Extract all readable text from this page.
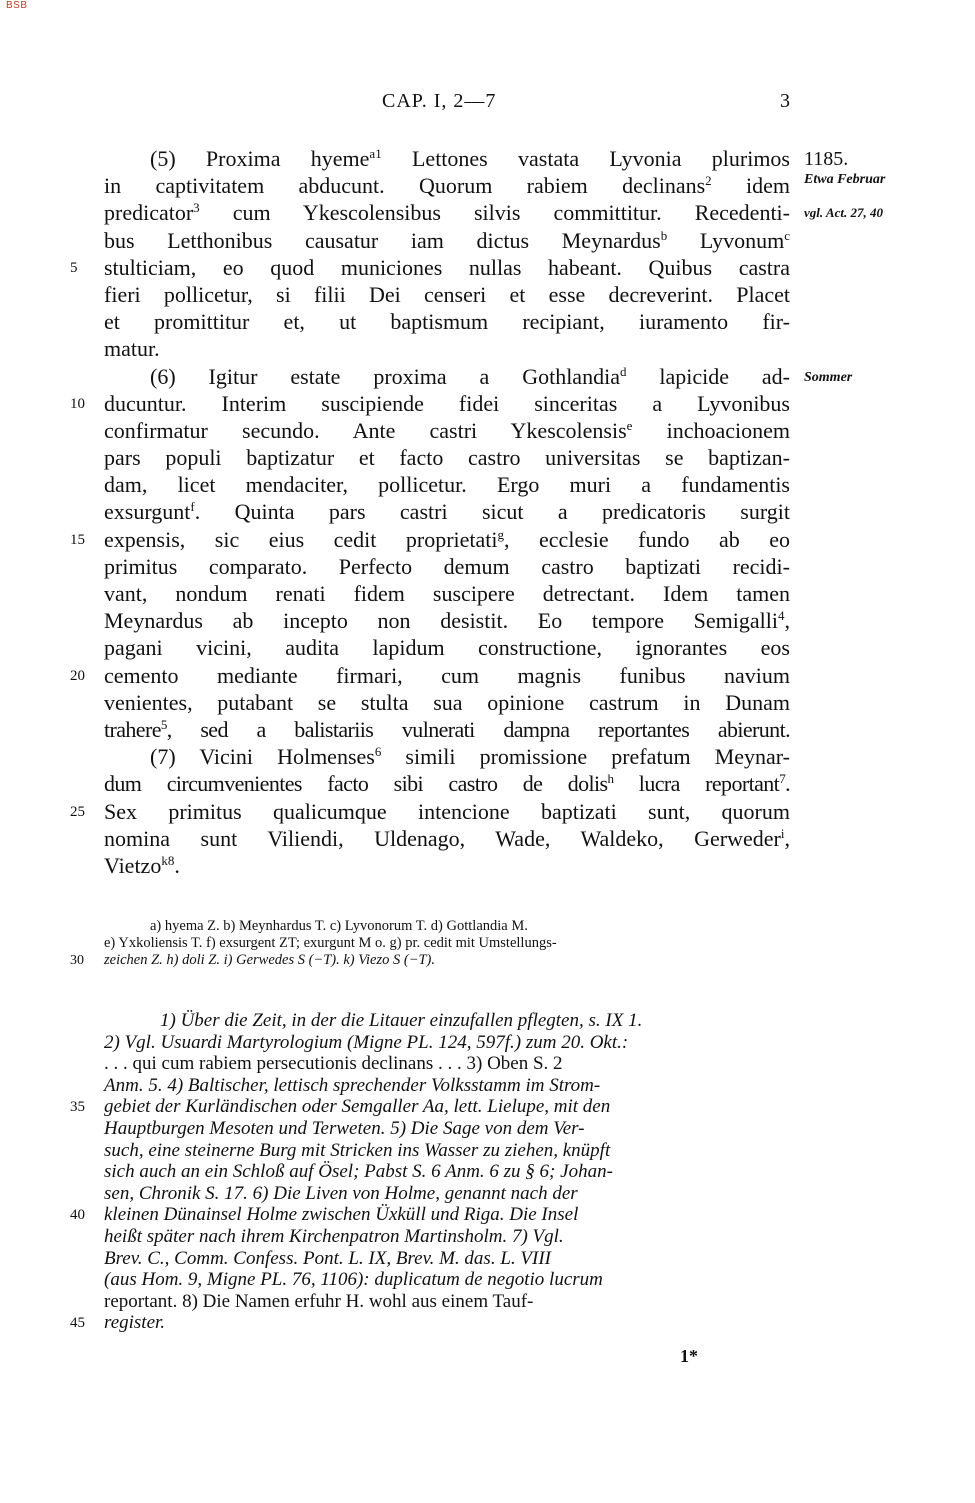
BSB
CAP. I, 2—7	3
1185.
Etwa Februar
vgl. Act. 27, 40
Sommer
(5) Proxima hyeme$^{a1}$ Lettones vastata Lyvonia plurimos
in captivitatem abducunt. Quorum rabiem declinans$^2$ idem
predicator$^3$ cum Ykescolensibus silvis committitur. Recedenti-
bus Letthonibus causatur iam dictus Meynardus$^b$ Lyvonum$^c$
5 stulticiam, eo quod municiones nullas habeant. Quibus castra
fieri pollicetur, si filii Dei censeri et esse decreverint. Placet
et promittitur et, ut baptismum recipiant, iuramento fir-
matur.
(6) Igitur estate proxima a Gothlandia$^d$ lapicide ad-
10 ducuntur. Interim suscipiende fidei sinceritas a Lyvonibus
confirmatur secundo. Ante castri Ykescolensis$^e$ inchoacionem
pars populi baptizatur et facto castro universitas se baptizan-
dam, licet mendaciter, pollicetur. Ergo muri a fundamentis
exsurgunt$^f$. Quinta pars castri sicut a predicatoris surgit
15 expensis, sic eius cedit proprietati$^g$, ecclesie fundo ab eo
primitus comparato. Perfecto demum castro baptizati recidi-
vant, nondum renati fidem suscipere detrectant. Idem tamen
Meynardus ab incepto non desistit. Eo tempore Semigalli$^4$,
pagani vicini, audita lapidum constructione, ignorantes eos
20 cemento mediante firmari, cum magnis funibus navium
venientes, putabant se stulta sua opinione castrum in Dunam
trahere$^5$, sed a balistariis vulnerati dampna reportantes abierunt.
(7) Vicini Holmenses$^6$ simili promissione prefatum Meynar-
dum circumvenientes facto sibi castro de dolis$^h$ lucra reportant$^7$.
25 Sex primitus qualicumque intencione baptizati sunt, quorum
nomina sunt Viliendi, Uldenago, Wade, Waldeko, Gerweder$^i$,
Vietzo$^{k8}$.
a) hyema Z. b) Meynhardus T. c) Lyvonorum T. d) Gottlandia M.
e) Yxkoliensis T. f) exsurgent ZT; exurgunt M o. g) pr. cedit mit Umstellungs-
30 zeichen Z. h) doli Z. i) Gerwedes S (−T). k) Viezo S (−T).
1) Über die Zeit, in der die Litauer einzufallen pflegten, s. IX 1.
2) Vgl. Usuardi Martyrologium (Migne PL. 124, 597f.) zum 20. Okt.:
. . . qui cum rabiem persecutionis declinans . . . 3) Oben S. 2
Anm. 5. 4) Baltischer, lettisch sprechender Volksstamm im Strom-
35 gebiet der Kurländischen oder Semgaller Aa, lett. Lielupe, mit den
Hauptburgen Mesoten und Terweten. 5) Die Sage von dem Ver-
such, eine steinerne Burg mit Stricken ins Wasser zu ziehen, knüpft
sich auch an ein Schloß auf Ösel; Pabst S. 6 Anm. 6 zu § 6; Johan-
sen, Chronik S. 17. 6) Die Liven von Holme, genannt nach der
40 kleinen Dünainsel Holme zwischen Üxküll und Riga. Die Insel
heißt später nach ihrem Kirchenpatron Martinsholm. 7) Vgl.
Brev. C., Comm. Confess. Pont. L. IX, Brev. M. das. L. VIII
(aus Hom. 9, Migne PL. 76, 1106): duplicatum de negotio lucrum
reportant. 8) Die Namen erfuhr H. wohl aus einem Tauf-
45 register.
1*
